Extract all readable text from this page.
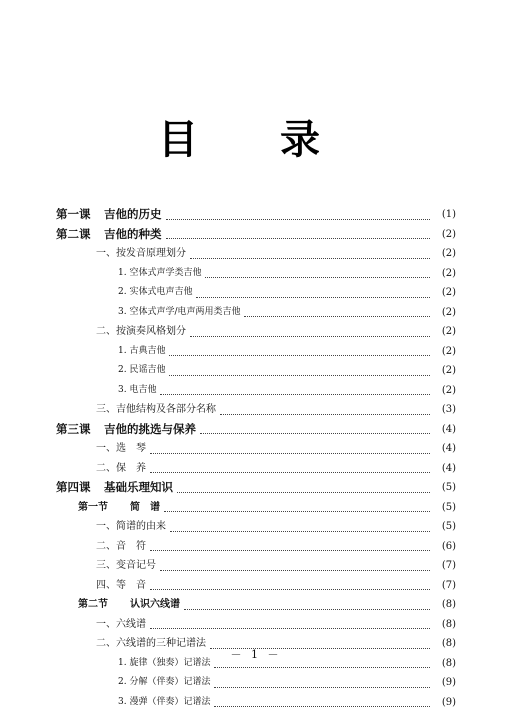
目 录
第一课	吉他的历史	(1)
第二课	吉他的种类	(2)
一、按发音原理划分	(2)
1. 空体式声学类吉他	(2)
2. 实体式电声吉他	(2)
3. 空体式声学/电声两用类吉他	(2)
二、按演奏风格划分	(2)
1. 古典吉他	(2)
2. 民谣吉他	(2)
3. 电吉他	(2)
三、吉他结构及各部分名称	(3)
第三课	吉他的挑选与保养	(4)
一、选　琴	(4)
二、保　养	(4)
第四课	基础乐理知识	(5)
第一节	简　谱	(5)
一、简谱的由来	(5)
二、音　符	(6)
三、变音记号	(7)
四、等　音	(7)
第二节	认识六线谱	(8)
一、六线谱	(8)
二、六线谱的三种记谱法	(8)
1. 旋律（独奏）记谱法	(8)
2. 分解（伴奏）记谱法	(9)
3. 漫弹（伴奏）记谱法	(9)
－ 1 －
